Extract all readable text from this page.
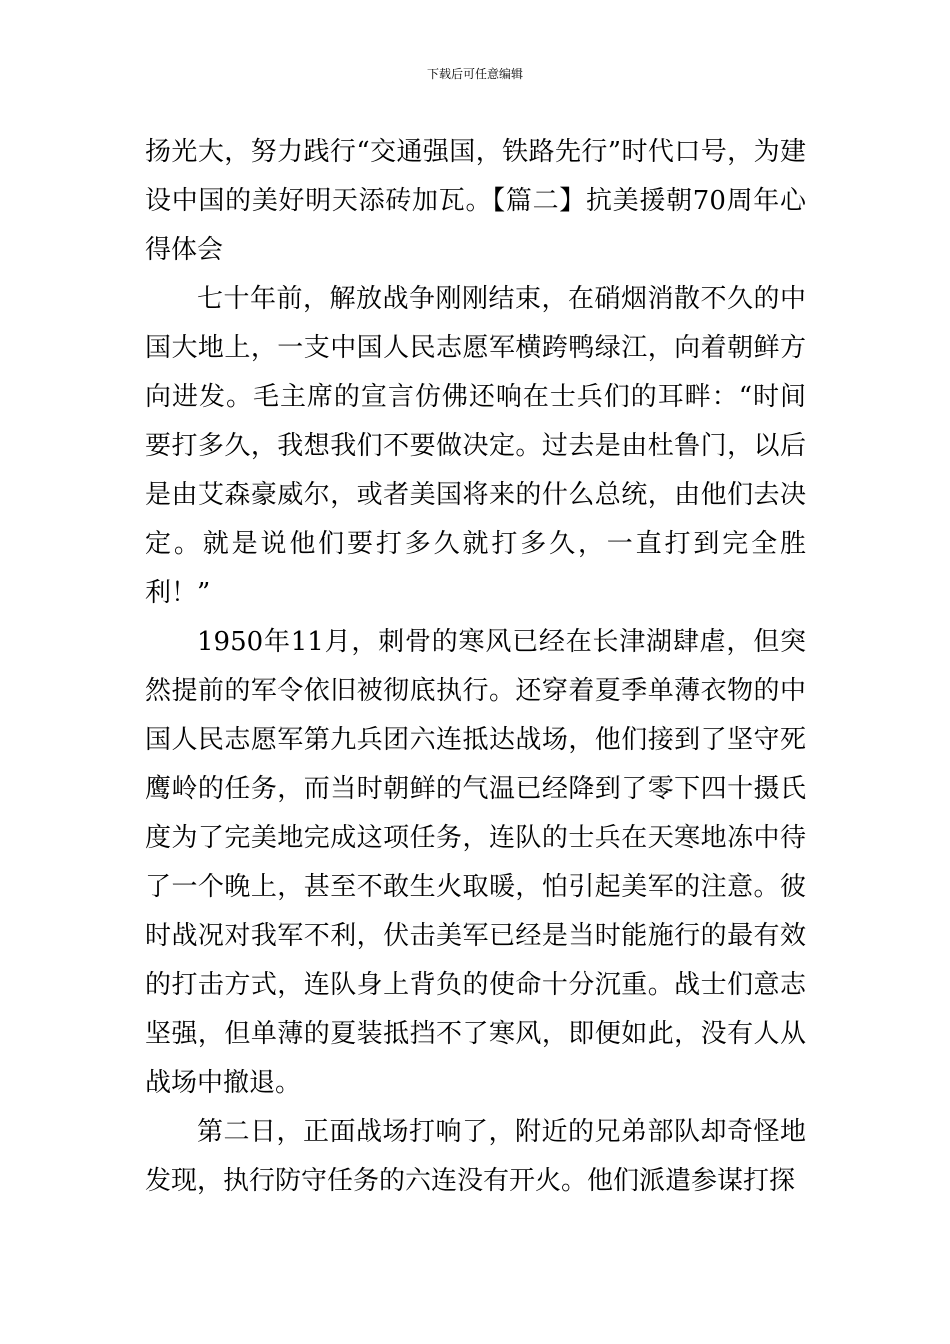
下载后可任意编辑

扬光大，努力践行“交通强国，铁路先行”时代口号，为建设中国的美好明天添砖加瓦。【篇二】抗美援朝70周年心得体会

七十年前，解放战争刚刚结束，在硝烟消散不久的中国大地上，一支中国人民志愿军横跨鸭绿江，向着朝鲜方向进发。毛主席的宣言仿佛还响在士兵们的耳畔：“时间要打多久，我想我们不要做决定。过去是由杜鲁门，以后是由艾森豪威尔，或者美国将来的什么总统，由他们去决定。就是说他们要打多久就打多久，一直打到完全胜利！”

1950年11月，刺骨的寒风已经在长津湖肆虐，但突然提前的军令依旧被彻底执行。还穿着夏季单薄衣物的中国人民志愿军第九兵团六连抵达战场，他们接到了坚守死鹰岭的任务，而当时朝鲜的气温已经降到了零下四十摄氏度为了完美地完成这项任务，连队的士兵在天寒地冻中待了一个晚上，甚至不敢生火取暖，怕引起美军的注意。彼时战况对我军不利，伏击美军已经是当时能施行的最有效的打击方式，连队身上背负的使命十分沉重。战士们意志坚强，但单薄的夏装抵挡不了寒风，即便如此，没有人从战场中撤退。

第二日，正面战场打响了，附近的兄弟部队却奇怪地发现，执行防守任务的六连没有开火。他们派遣参谋打探
